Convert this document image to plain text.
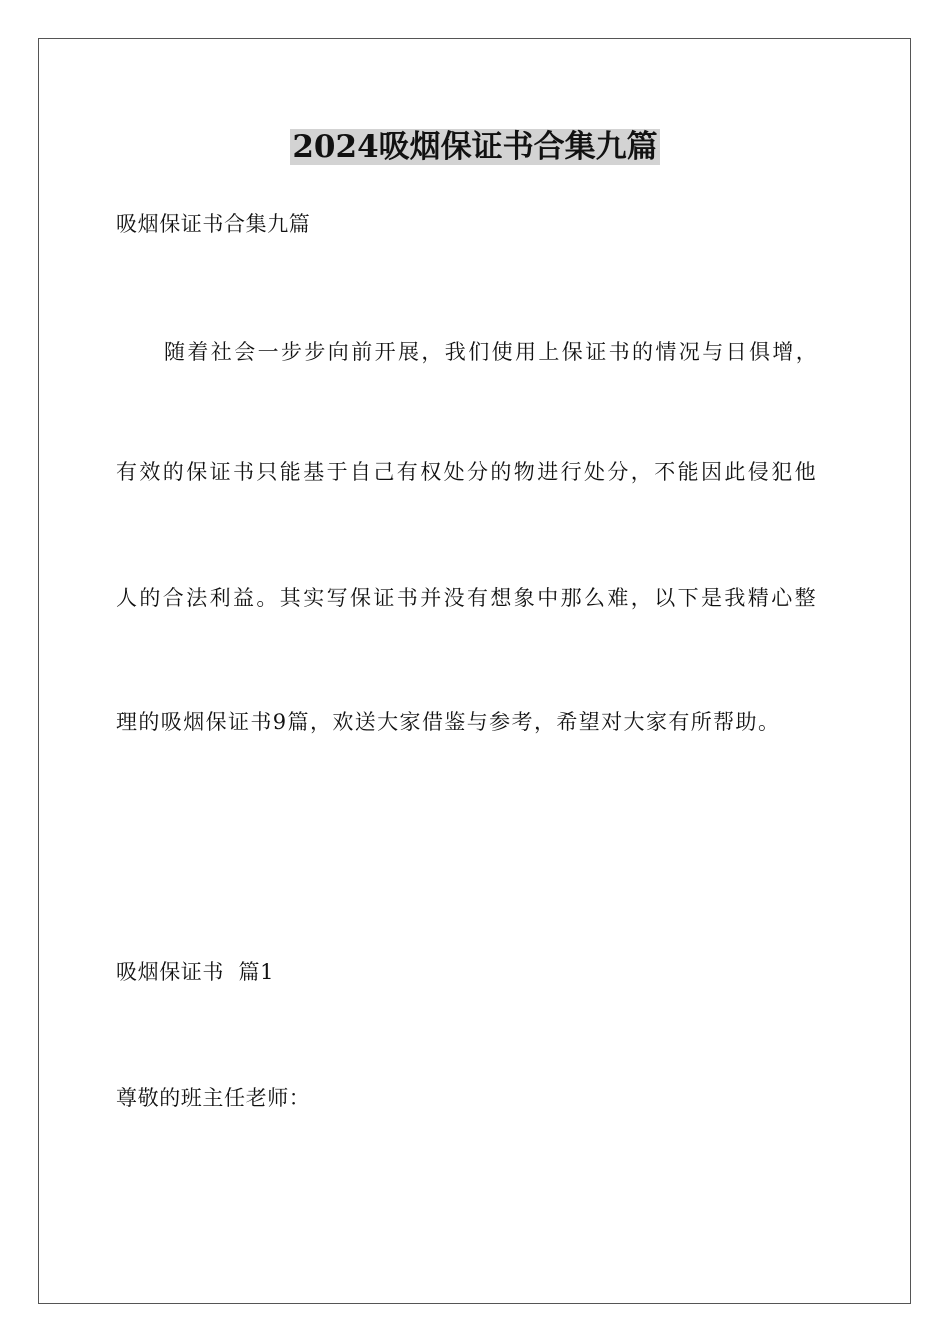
2024吸烟保证书合集九篇
吸烟保证书合集九篇
随着社会一步步向前开展，我们使用上保证书的情况与日俱增，
有效的保证书只能基于自己有权处分的物进行处分，不能因此侵犯他
人的合法利益。其实写保证书并没有想象中那么难，以下是我精心整
理的吸烟保证书9篇，欢送大家借鉴与参考，希望对大家有所帮助。
吸烟保证书  篇1
尊敬的班主任老师：
